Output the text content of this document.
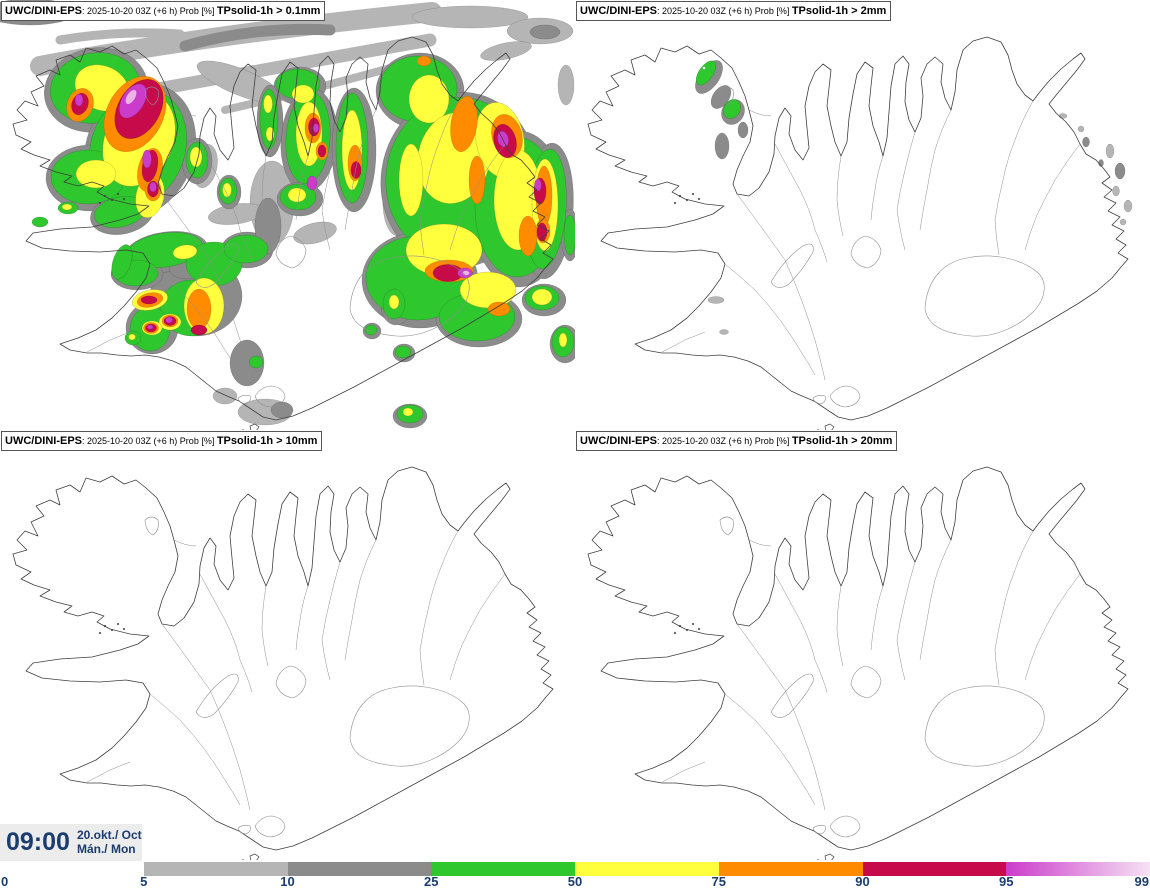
UWC/DINI-EPS: 2025-10-20 03Z (+6 h) Prob [%] TPsolid-1h > 0.1mm	UWC/DINI-EPS: 2025-10-20 03Z (+6 h) Prob [%] TPsolid-1h > 2mm
UWC/DINI-EPS: 2025-10-20 03Z (+6 h) Prob [%] TPsolid-1h > 10mm	UWC/DINI-EPS: 2025-10-20 03Z (+6 h) Prob [%] TPsolid-1h > 20mm
09:00 20.okt./ Oct
Mán./ Mon
0	5	10	25	50	75	90	95	99
